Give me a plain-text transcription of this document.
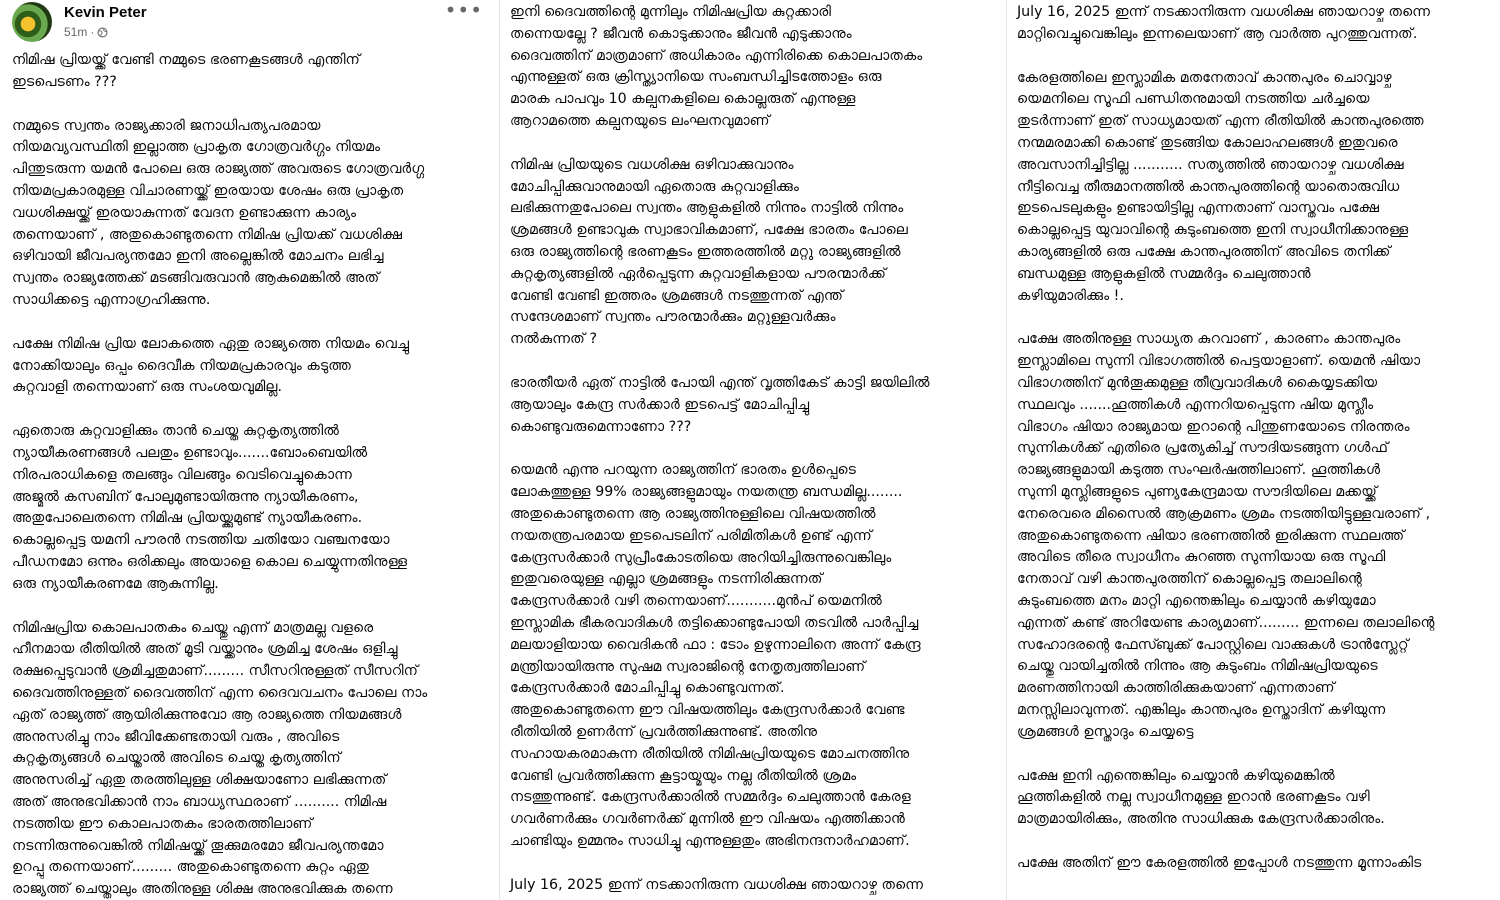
Kevin Peter
51m ·
•••

നിമിഷ പ്രിയയ്ക്ക് വേണ്ടി നമ്മുടെ ഭരണകൂടങ്ങൾ എന്തിന്
ഇടപെടണം ???

നമ്മുടെ സ്വന്തം രാജ്യക്കാരി ജനാധിപത്യപരമായ
നിയമവ്യവസ്ഥിതി ഇല്ലാത്ത പ്രാകൃത ഗോത്രവർഗ്ഗം നിയമം
പിന്തുടരുന്ന യമൻ പോലെ ഒരു രാജ്യത്ത് അവരുടെ ഗോത്രവർഗ്ഗ
നിയമപ്രകാരമുള്ള വിചാരണയ്ക്ക് ഇരയായ ശേഷം ഒരു പ്രാകൃത
വധശിക്ഷയ്ക്ക് ഇരയാകുന്നത് വേദന ഉണ്ടാക്കുന്ന കാര്യം
തന്നെയാണ് , അതുകൊണ്ടുതന്നെ നിമിഷ പ്രിയക്ക് വധശിക്ഷ
ഒഴിവായി ജീവപര്യന്തമോ ഇനി അല്ലെങ്കിൽ മോചനം ലഭിച്ച
സ്വന്തം രാജ്യത്തേക്ക് മടങ്ങിവരുവാൻ ആകുമെങ്കിൽ അത്
സാധിക്കട്ടെ എന്നാഗ്രഹിക്കുന്നു.

പക്ഷേ നിമിഷ പ്രിയ ലോകത്തെ ഏതു രാജ്യത്തെ നിയമം വെച്ചു
നോക്കിയാലും ഒപ്പം ദൈവീക നിയമപ്രകാരവും കടുത്ത
കുറ്റവാളി തന്നെയാണ് ഒരു സംശയവുമില്ല.

ഏതൊരു കുറ്റവാളിക്കും താൻ ചെയ്ത കുറ്റകൃത്യത്തിൽ
ന്യായീകരണങ്ങൾ പലതും ഉണ്ടാവും.......ബോംബെയിൽ
നിരപരാധികളെ തലങ്ങും വിലങ്ങും വെടിവെച്ചുകൊന്ന
അജ്മൽ കസബിന് പോലുമുണ്ടായിരുന്നു ന്യായീകരണം,
അതുപോലെതന്നെ നിമിഷ പ്രിയയ്ക്കുമുണ്ട് ന്യായീകരണം.
കൊല്ലപ്പെട്ട യമനി പൗരൻ നടത്തിയ ചതിയോ വഞ്ചനയോ
പീഡനമോ ഒന്നും ഒരിക്കലും അയാളെ കൊല ചെയ്യുന്നതിനുള്ള
ഒരു ന്യായീകരണമേ ആകുന്നില്ല.

നിമിഷപ്രിയ കൊലപാതകം ചെയ്തു എന്ന് മാത്രമല്ല വളരെ
ഹീനമായ രീതിയിൽ അത് മൂടി വയ്ക്കാനും ശ്രമിച്ച ശേഷം ഒളിച്ചു
രക്ഷപ്പെടുവാൻ ശ്രമിച്ചതുമാണ്......... സീസറിനുള്ളത് സീസറിന്
ദൈവത്തിനുള്ളത് ദൈവത്തിന് എന്ന ദൈവവചനം പോലെ നാം
ഏത് രാജ്യത്ത് ആയിരിക്കുന്നുവോ ആ രാജ്യത്തെ നിയമങ്ങൾ
അനുസരിച്ചു നാം ജീവിക്കേണ്ടതായി വരും , അവിടെ
കുറ്റകൃത്യങ്ങൾ ചെയ്താൽ അവിടെ ചെയ്ത കൃത്യത്തിന്
അനുസരിച്ച് ഏതു തരത്തിലുള്ള ശിക്ഷയാണോ ലഭിക്കുന്നത്
അത് അനുഭവിക്കാൻ നാം ബാധ്യസ്ഥരാണ് .......... നിമിഷ
നടത്തിയ ഈ കൊലപാതകം ഭാരതത്തിലാണ്
നടന്നിരുന്നുവെങ്കിൽ നിമിഷയ്ക്ക് തൂക്കുമരമോ ജീവപര്യന്തമോ
ഉറപ്പു തന്നെയാണ്......... അതുകൊണ്ടുതന്നെ കുറ്റം ഏതു
രാജ്യത്ത് ചെയ്താലും അതിനുള്ള ശിക്ഷ അനുഭവിക്കുക തന്നെ

ഇനി ദൈവത്തിന്റെ മുന്നിലും നിമിഷപ്രിയ കുറ്റക്കാരി
തന്നെയല്ലേ ? ജീവൻ കൊടുക്കാനും ജീവൻ എടുക്കാനും
ദൈവത്തിന് മാത്രമാണ് അധികാരം എന്നിരിക്കെ കൊലപാതകം
എന്നുള്ളത് ഒരു ക്രിസ്ത്യാനിയെ സംബന്ധിച്ചിടത്തോളം ഒരു
മാരക പാപവും 10 കല്പനകളിലെ കൊല്ലരുത് എന്നുള്ള
ആറാമത്തെ കല്പനയുടെ ലംഘനവുമാണ്

നിമിഷ പ്രിയയുടെ വധശിക്ഷ ഒഴിവാക്കുവാനും
മോചിപ്പിക്കുവാനുമായി ഏതൊരു കുറ്റവാളിക്കും
ലഭിക്കുന്നതുപോലെ സ്വന്തം ആളുകളിൽ നിന്നും നാട്ടിൽ നിന്നും
ശ്രമങ്ങൾ ഉണ്ടാവുക സ്വാഭാവികമാണ്, പക്ഷേ ഭാരതം പോലെ
ഒരു രാജ്യത്തിന്റെ ഭരണകൂടം ഇത്തരത്തിൽ മറ്റു രാജ്യങ്ങളിൽ
കുറ്റകൃത്യങ്ങളിൽ ഏർപ്പെടുന്ന കുറ്റവാളികളായ പൗരന്മാർക്ക്
വേണ്ടി വേണ്ടി ഇത്തരം ശ്രമങ്ങൾ നടത്തുന്നത് എന്ത്
സന്ദേശമാണ് സ്വന്തം പൗരന്മാർക്കും മറ്റുള്ളവർക്കും
നൽകുന്നത് ?

ഭാരതീയർ ഏത് നാട്ടിൽ പോയി എന്ത് വൃത്തികേട് കാട്ടി ജയിലിൽ
ആയാലും കേന്ദ്ര സർക്കാർ ഇടപെട്ട് മോചിപ്പിച്ചു
കൊണ്ടുവരുമെന്നാണോ ???

യെമൻ എന്നു പറയുന്ന രാജ്യത്തിന് ഭാരതം ഉൾപ്പെടെ
ലോകത്തുള്ള 99% രാജ്യങ്ങളുമായും നയതന്ത്ര ബന്ധമില്ല........
അതുകൊണ്ടുതന്നെ ആ രാജ്യത്തിനുള്ളിലെ വിഷയത്തിൽ
നയതന്ത്രപരമായ ഇടപെടലിന് പരിമിതികൾ ഉണ്ട് എന്ന്
കേന്ദ്രസർക്കാർ സുപ്രീംകോടതിയെ അറിയിച്ചിരുന്നുവെങ്കിലും
ഇതുവരെയുള്ള എല്ലാ ശ്രമങ്ങളും നടന്നിരിക്കുന്നത്
കേന്ദ്രസർക്കാർ വഴി തന്നെയാണ്...........മുൻപ് യെമനിൽ
ഇസ്ലാമിക ഭീകരവാദികൾ തട്ടിക്കൊണ്ടുപോയി തടവിൽ പാർപ്പിച്ച
മലയാളിയായ വൈദികൻ ഫാ : ടോം ഉഴുന്നാലിനെ അന്ന് കേന്ദ്ര
മന്ത്രിയായിരുന്നു സുഷമ സ്വരാജിന്റെ നേതൃത്വത്തിലാണ്
കേന്ദ്രസർക്കാർ മോചിപ്പിച്ചു കൊണ്ടുവന്നത്.
അതുകൊണ്ടുതന്നെ ഈ വിഷയത്തിലും കേന്ദ്രസർക്കാർ വേണ്ട
രീതിയിൽ ഉണർന്ന് പ്രവർത്തിക്കുന്നുണ്ട്. അതിനു
സഹായകരമാകുന്ന രീതിയിൽ നിമിഷപ്രിയയുടെ മോചനത്തിനു
വേണ്ടി പ്രവർത്തിക്കുന്ന കൂട്ടായ്മയും നല്ല രീതിയിൽ ശ്രമം
നടത്തുന്നുണ്ട്. കേന്ദ്രസർക്കാരിൽ സമ്മർദ്ദം ചെലുത്താൻ കേരള
ഗവർണർക്കും ഗവർണർക്ക് മുന്നിൽ ഈ വിഷയം എത്തിക്കാൻ
ചാണ്ടിയും ഉമ്മനും സാധിച്ചു എന്നുള്ളതും അഭിനന്ദനാർഹമാണ്.

July 16, 2025 ഇന്ന് നടക്കാനിരുന്ന വധശിക്ഷ ഞായറാഴ്ച തന്നെ

July 16, 2025 ഇന്ന് നടക്കാനിരുന്ന വധശിക്ഷ ഞായറാഴ്ച തന്നെ
മാറ്റിവെച്ചുവെങ്കിലും ഇന്നലെയാണ് ആ വാർത്ത പുറത്തുവന്നത്.

കേരളത്തിലെ ഇസ്ലാമിക മതനേതാവ് കാന്തപുരം ചൊവ്വാഴ്ച
യെമനിലെ സൂഫി പണ്ഡിതനുമായി നടത്തിയ ചർച്ചയെ
തുടർന്നാണ് ഇത് സാധ്യമായത് എന്ന രീതിയിൽ കാന്തപുരത്തെ
നന്മമരമാക്കി കൊണ്ട് തുടങ്ങിയ കോലാഹലങ്ങൾ ഇതുവരെ
അവസാനിച്ചിട്ടില്ല ........... സത്യത്തിൽ ഞായറാഴ്ച വധശിക്ഷ
നീട്ടിവെച്ച തീരുമാനത്തിൽ കാന്തപുരത്തിന്റെ യാതൊരുവിധ
ഇടപെടലുകളും ഉണ്ടായിട്ടില്ല എന്നതാണ് വാസ്തവം പക്ഷേ
കൊല്ലപ്പെട്ട യുവാവിന്റെ കുടുംബത്തെ ഇനി സ്വാധീനിക്കാനുള്ള
കാര്യങ്ങളിൽ ഒരു പക്ഷേ കാന്തപുരത്തിന് അവിടെ തനിക്ക്
ബന്ധമുള്ള ആളുകളിൽ സമ്മർദ്ദം ചെലുത്താൻ
കഴിയുമാരിക്കും !.

പക്ഷേ അതിനുള്ള സാധ്യത കുറവാണ് , കാരണം കാന്തപുരം
ഇസ്ലാമിലെ സുന്നി വിഭാഗത്തിൽ പെട്ടയാളാണ്. യെമൻ ഷിയാ
വിഭാഗത്തിന് മുൻതൂക്കമുള്ള തീവ്രവാദികൾ കൈയ്യടക്കിയ
സ്ഥലവും .......ഹൂത്തികൾ എന്നറിയപ്പെടുന്ന ഷിയ മുസ്ലീം
വിഭാഗം ഷിയാ രാജ്യമായ ഇറാന്റെ പിന്തുണയോടെ നിരന്തരം
സുന്നികൾക്ക് എതിരെ പ്രത്യേകിച്ച് സൗദിയടങ്ങുന്ന ഗൾഫ്
രാജ്യങ്ങളുമായി കടുത്ത സംഘർഷത്തിലാണ്. ഹൂത്തികൾ
സുന്നി മുസ്ലിങ്ങളുടെ പുണ്യകേന്ദ്രമായ സൗദിയിലെ മക്കയ്ക്ക്
നേരെവരെ മിസൈൽ ആക്രമണം ശ്രമം നടത്തിയിട്ടുള്ളവരാണ് ,
അതുകൊണ്ടുതന്നെ ഷിയാ ഭരണത്തിൽ ഇരിക്കുന്ന സ്ഥലത്ത്
അവിടെ തീരെ സ്വാധീനം കുറഞ്ഞ സുന്നിയായ ഒരു സൂഫി
നേതാവ് വഴി കാന്തപുരത്തിന് കൊല്ലപ്പെട്ട തലാലിന്റെ
കുടുംബത്തെ മനം മാറ്റി എന്തെങ്കിലും ചെയ്യാൻ കഴിയുമോ
എന്നത് കണ്ട് അറിയേണ്ട കാര്യമാണ്......... ഇന്നലെ തലാലിന്റെ
സഹോദരന്റെ ഫേസ്ബുക്ക് പോസ്റ്റിലെ വാക്കുകൾ ട്രാൻസ്ലേറ്റ്
ചെയ്തു വായിച്ചതിൽ നിന്നും ആ കുടുംബം നിമിഷപ്രിയയുടെ
മരണത്തിനായി കാത്തിരിക്കുകയാണ് എന്നതാണ്
മനസ്സിലാവുന്നത്. എങ്കിലും കാന്തപുരം ഉസ്താദിന് കഴിയുന്ന
ശ്രമങ്ങൾ ഉസ്താദും ചെയ്യട്ടെ

പക്ഷേ ഇനി എന്തെങ്കിലും ചെയ്യാൻ കഴിയുമെങ്കിൽ
ഹൂത്തികളിൽ നല്ല സ്വാധീനമുള്ള ഇറാൻ ഭരണകൂടം വഴി
മാത്രമായിരിക്കും, അതിനു സാധിക്കുക കേന്ദ്രസർക്കാരിനും.

പക്ഷേ അതിന് ഈ കേരളത്തിൽ ഇപ്പോൾ നടത്തുന്ന മൂന്നാംകിട
